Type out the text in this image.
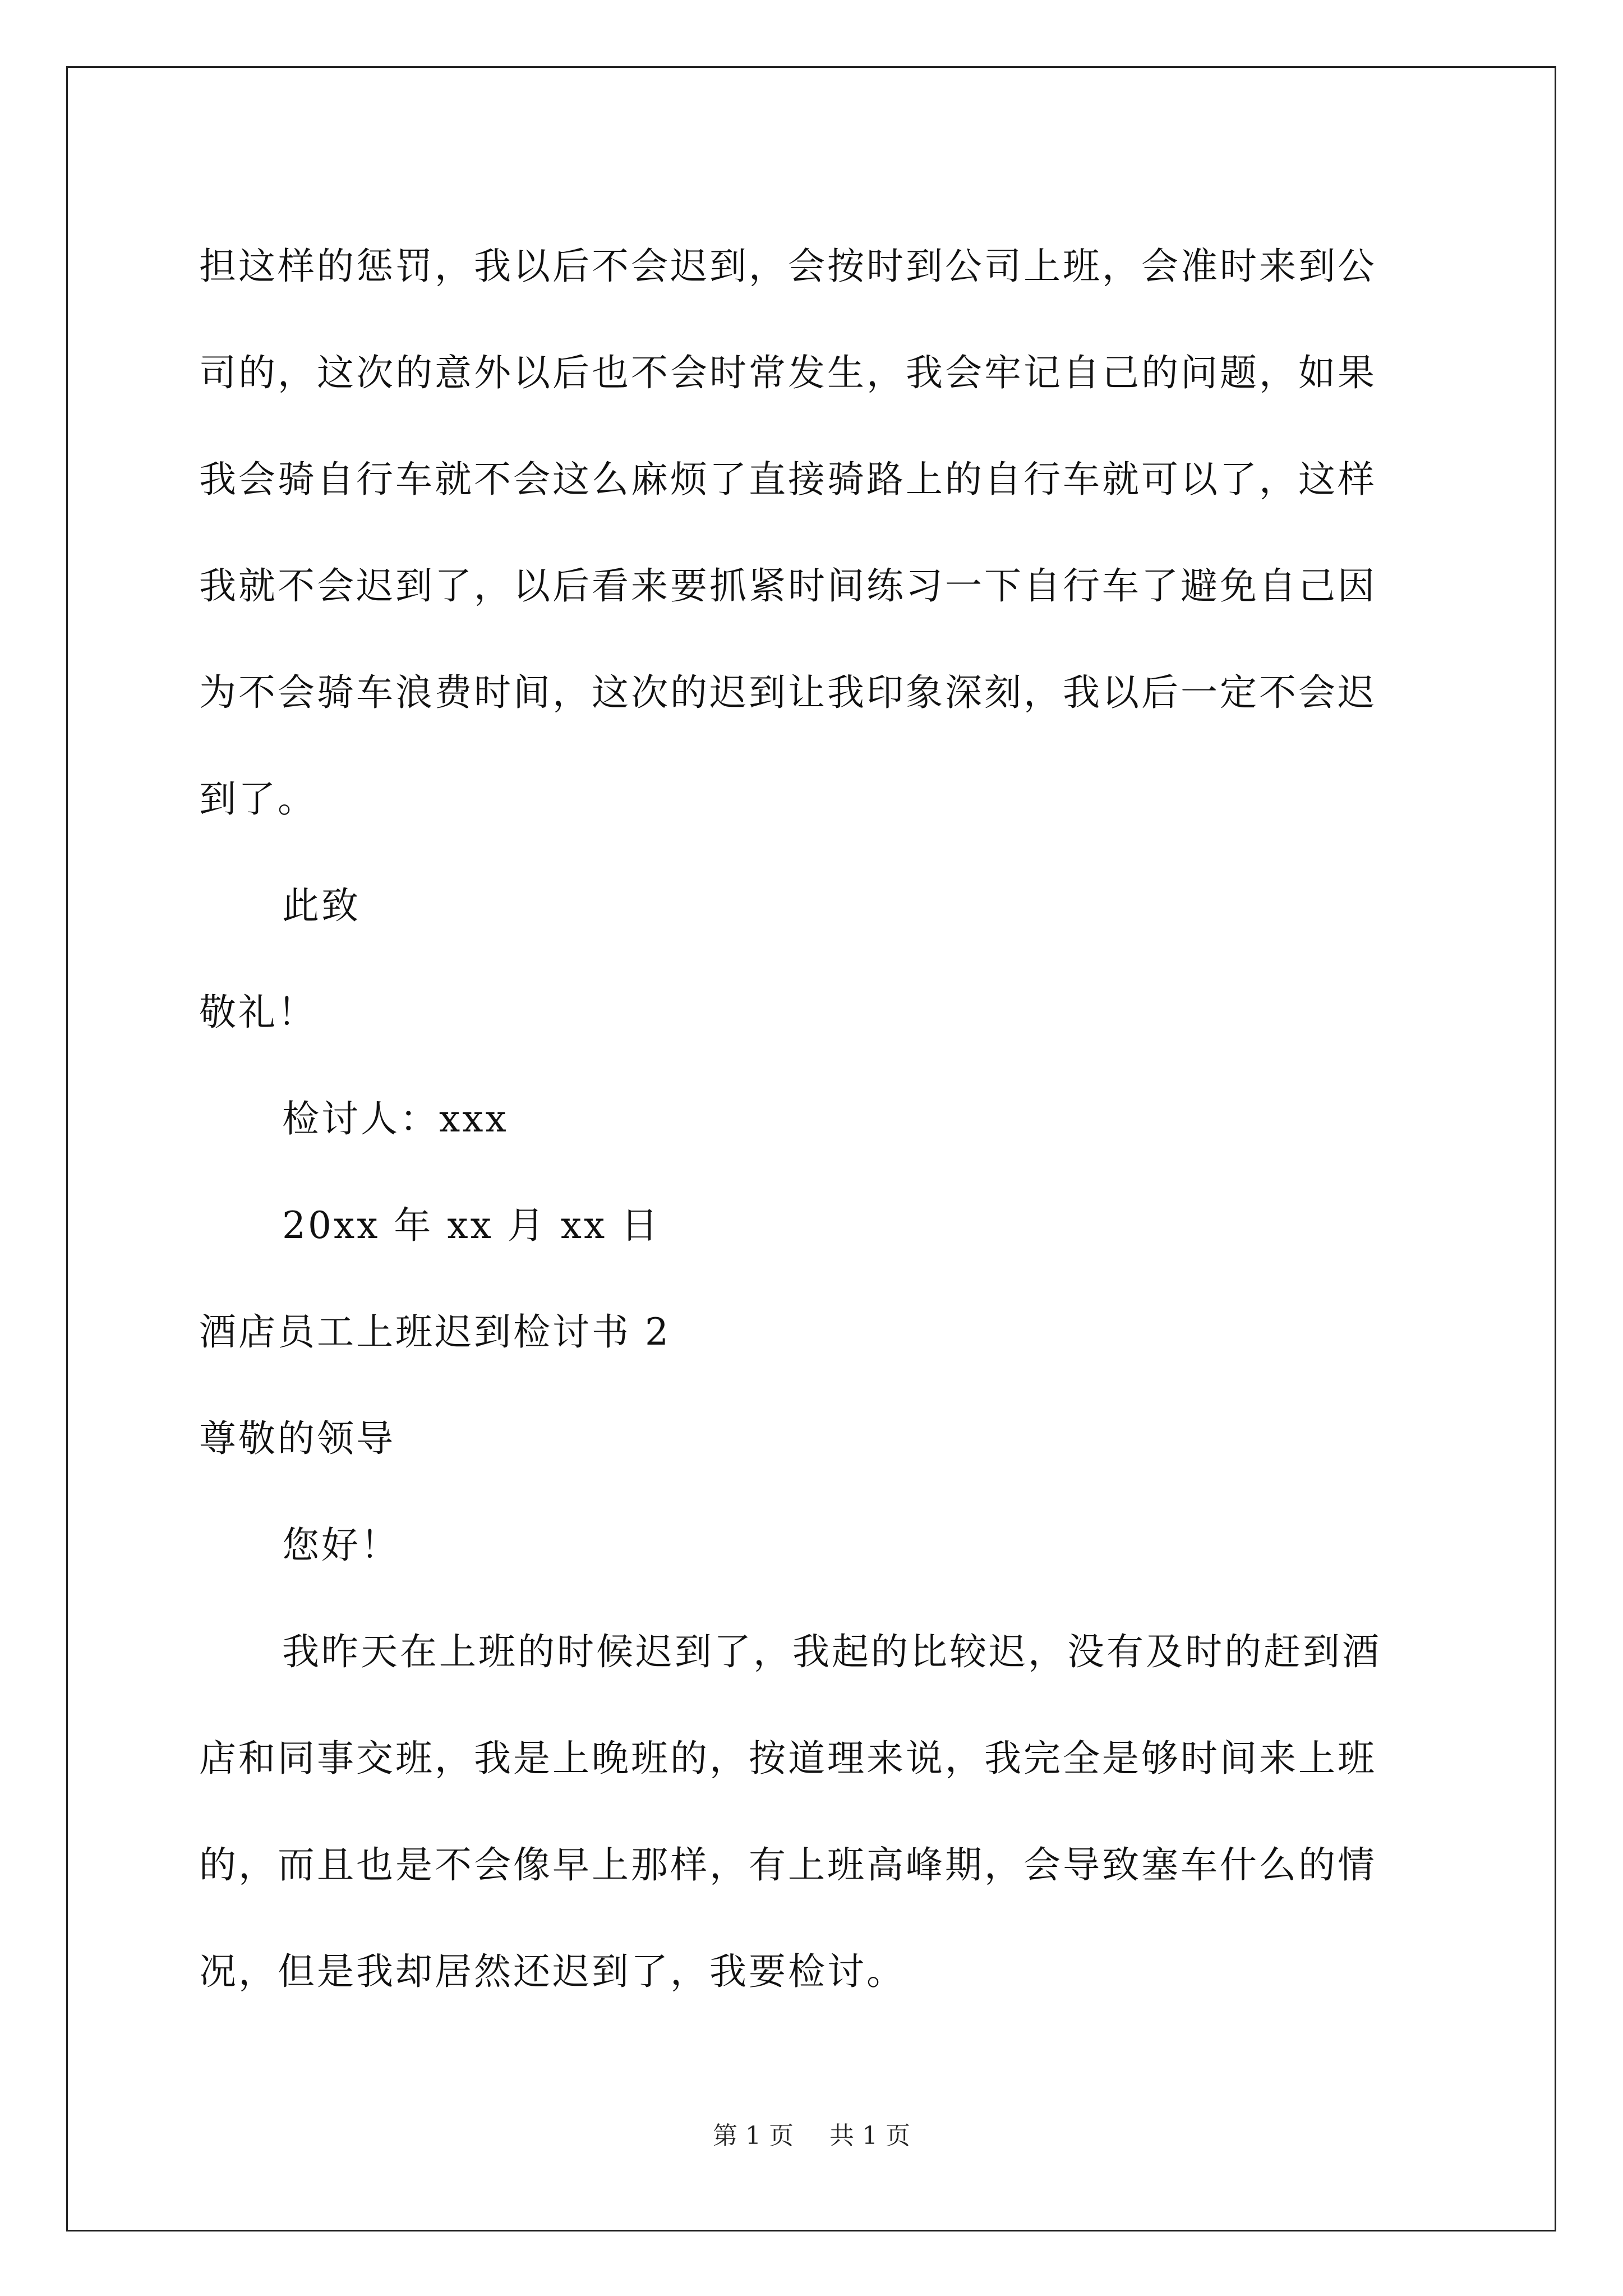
担这样的惩罚，我以后不会迟到，会按时到公司上班，会准时来到公
司的，这次的意外以后也不会时常发生，我会牢记自己的问题，如果
我会骑自行车就不会这么麻烦了直接骑路上的自行车就可以了，这样
我就不会迟到了，以后看来要抓紧时间练习一下自行车了避免自己因
为不会骑车浪费时间，这次的迟到让我印象深刻，我以后一定不会迟
到了。
此致
敬礼！
检讨人：xxx
20xx 年 xx 月 xx 日
酒店员工上班迟到检讨书 2
尊敬的领导
您好！
我昨天在上班的时候迟到了，我起的比较迟，没有及时的赶到酒
店和同事交班，我是上晚班的，按道理来说，我完全是够时间来上班
的，而且也是不会像早上那样，有上班高峰期，会导致塞车什么的情
况，但是我却居然还迟到了，我要检讨。
第 1 页 共 1 页
